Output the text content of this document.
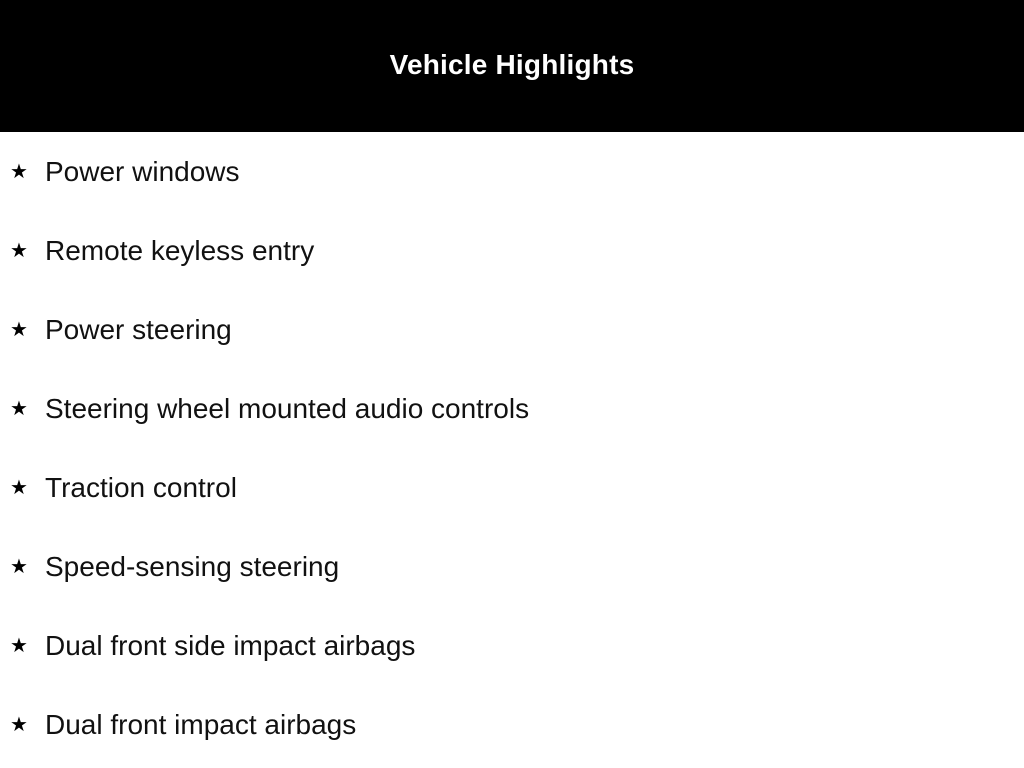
Vehicle Highlights
★ Power windows
★ Remote keyless entry
★ Power steering
★ Steering wheel mounted audio controls
★ Traction control
★ Speed-sensing steering
★ Dual front side impact airbags
★ Dual front impact airbags
